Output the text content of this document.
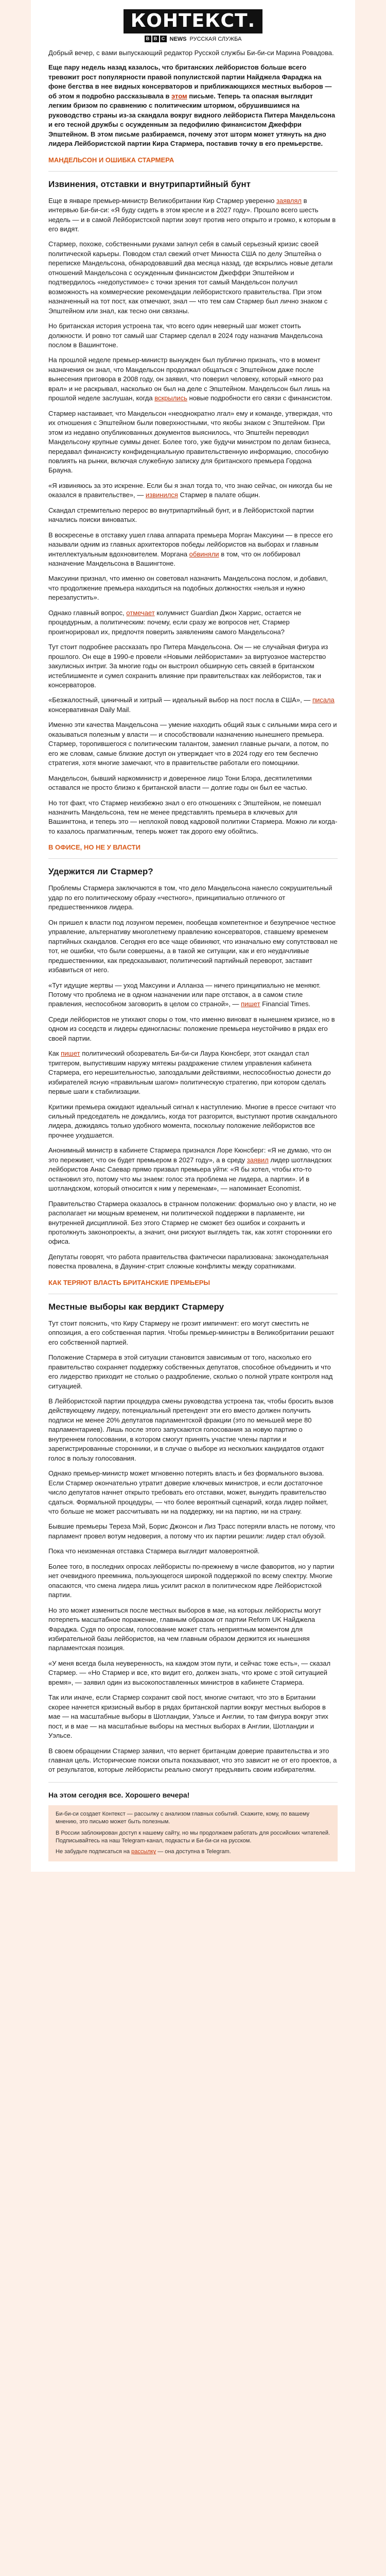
КОНТЕКСТ.
B B C NEWS РУССКАЯ СЛУЖБА

Добрый вечер, с вами выпускающий редактор Русской службы Би-би-си Марина Ровадова.

Еще пару недель назад казалось, что британских лейбористов больше всего тревожит рост популярности правой популистской партии Найджела Фараджа на фоне бегства в нее видных консерваторов и приближающихся местных выборов — об этом я подробно рассказывала в этом письме. Теперь та опасная выглядит легким бризом по сравнению с политическим штормом, обрушившимся на руководство страны из-за скандала вокруг видного лейбориста Питера Мандельсона и его тесной дружбы с осужденным за педофилию финансистом Джеффри Эпштейном. В этом письме разбираемся, почему этот шторм может утянуть на дно лидера Лейбористской партии Кира Стармера, поставив точку в его премьерстве.

МАНДЕЛЬСОН И ОШИБКА СТАРМЕРА
Извинения, отставки и внутрипартийный бунт

Еще в январе премьер-министр Великобритании Кир Стармер уверенно заявлял в интервью Би-би-си: «Я буду сидеть в этом кресле и в 2027 году». Прошло всего шесть недель — и в самой Лейбористской партии зовут против него открыто и громко, к которым в его видят.

Стармер, похоже, собственными руками запнул себя в самый серьезный кризис своей политической карьеры. Поводом стал свежий отчет Минюста США по делу Эпштейна о переписке Мандельсона, обнародовавший два месяца назад, где вскрылись новые детали отношений Мандельсона с осужденным финансистом Джеффри Эпштейном и подтвердилось «недопустимое» с точки зрения тот самый Мандельсон получил возможность на коммерческие рекомендации лейбористского правительства. При этом назначенный на тот пост, как отмечают, знал — что тем сам Стармер был лично знаком с Эпштейном или знал, как тесно они связаны.

Но британская история устроена так, что всего один неверный шаг может стоить должности. И ровно тот самый шаг Стармер сделал в 2024 году назначив Мандельсона послом в Вашингтоне.

На прошлой неделе премьер-министр вынужден был публично признать, что в момент назначения он знал, что Мандельсон продолжал общаться с Эпштейном даже после вынесения приговора в 2008 году, он заявил, что поверил человеку, который «много раз врал» и не раскрывал, насколько он был на деле с Эпштейном. Мандельсон был лишь на прошлой неделе заслушан, когда вскрылись новые подробности его связи с финансистом.

Стармер настаивает, что Мандельсон «неоднократно лгал» ему и команде, утверждая, что их отношения с Эпштейном были поверхностными, что якобы знаком с Эпштейном. При этом из недавно опубликованных документов выяснилось, что Эпштейн переводил Мандельсону крупные суммы денег. Более того, уже будучи министром по делам бизнеса, передавал финансисту конфиденциальную правительственную информацию, способную повлиять на рынки, включая служебную записку для британского премьера Гордона Брауна.

«Я извиняюсь за это искренне. Если бы я знал тогда то, что знаю сейчас, он никогда бы не оказался в правительстве», — извинился Стармер в палате общин.

Скандал стремительно перерос во внутрипартийный бунт, и в Лейбористской партии начались поиски виноватых.

В воскресенье в отставку ушел глава аппарата премьера Морган Максуини — в прессе его называли одним из главных архитекторов победы лейбористов на выборах и главным интеллектуальным вдохновителем. Моргана обвиняли в том, что он лоббировал назначение Мандельсона в Вашингтоне.

Максуини признал, что именно он советовал назначить Мандельсона послом, и добавил, что продолжение премьера находиться на подобных должностях «нельзя и нужно перезапустить».

Однако главный вопрос, отмечает колумнист Guardian Джон Харрис, остается не процедурным, а политическим: почему, если сразу же вопросов нет, Стармер проигнорировал их, предпочтя поверить заявлениям самого Мандельсона?

Тут стоит подробнее рассказать про Питера Мандельсона. Он — не случайная фигура из прошлого. Он еще в 1990-е провели «Новыми лейбористами» за виртуозное мастерство закулисных интриг. За многие годы он выстроил обширную сеть связей в британском истеблишменте и сумел сохранить влияние при правительствах как лейбористов, так и консерваторов.

«Безжалостный, циничный и хитрый — идеальный выбор на пост посла в США», — писала консервативная Daily Mail.

Именно эти качества Мандельсона — умение находить общий язык с сильными мира сего и оказываться полезным у власти — и способствовали назначению нынешнего премьера. Стармер, торопившегося с политическим талантом, заменил главные рычаги, а потом, по его же словам, самые близкие доступ он утверждает что в 2024 году его тем беспечно стратегия, хотя многие замечают, что в правительстве работали его помощники.

Мандельсон, бывший наркоминистр и доверенное лицо Тони Блэра, десятилетиями оставался не просто близко к британской власти — долгие годы он был ее частью.

Но тот факт, что Стармер неизбежно знал о его отношениях с Эпштейном, не помешал назначить Мандельсона, тем не менее представлять премьера в ключевых для Вашингтона, и теперь это — неплохой повод кадровой политики Стармера. Можно ли когда-то казалось прагматичным, теперь может так дорого ему обойтись.

В ОФИСЕ, НО НЕ У ВЛАСТИ
Удержится ли Стармер?

Проблемы Стармера заключаются в том, что дело Мандельсона нанесло сокрушительный удар по его политическому образу «честного», принципиально отличного от предшественников лидера.

Он пришел к власти под лозунгом перемен, пообещав компетентное и безупречное честное управление, альтернативу многолетнему правлению консерваторов, ставшему временем партийных скандалов. Сегодня его все чаще обвиняют, что изначально ему сопутствовал не тот, не ошибки, что были совершены, а в такой же ситуации, как и его неудачливые предшественники, как предсказывают, политический партийный переворот, заставит избавиться от него.

«Тут идущие жертвы — уход Максуини и Алланза — ничего принципиально не меняют. Потому что проблема не в одном назначении или паре отставок, а в самом стиле правления, неспособном заговорить в целом со страной», — пишет Financial Times.

Среди лейбористов не утихают споры о том, что именно виноват в нынешнем кризисе, но в одном из соседств и лидеры единогласны: положение премьера неустойчиво в рядах его своей партии.

Как пишет политический обозреватель Би-би-си Лаура Кюнсберг, этот скандал стал триггером, выпустившим наружу мятежы раздражение стилем управления кабинета Стармера, его нерешительностью, запоздалыми действиями, неспособностью донести до избирателей ясную «правильным шагом» политическую стратегию, при котором сделать первые шаги к стабилизации.

Критики премьера ожидают идеальный сигнал к наступлению. Многие в прессе считают что сильный председатель не дождались, когда тот разгорится, выступают против скандального лидера, дожидаясь только удобного момента, поскольку положение лейбористов все прочнее ухудшается.

Анонимный министр в кабинете Стармера признался Лоре Кюнсберг: «Я не думаю, что он это переживет, что он будет премьером в 2027 году», а в среду заявил лидер шотландских лейбористов Анас Саевар прямо призвал премьера уйти: «Я бы хотел, чтобы кто-то остановил это, потому что мы знаем: голос эта проблема не лидера, а партии». И в шотландском, который относится к ним у переменам», — напоминает Economist.

Правительство Стармера оказалось в странном положении: формально оно у власти, но не располагает ни мощным временем, ни политической поддержки в парламенте, ни внутренней дисциплиной. Без этого Стармер не сможет без ошибок и сохранить и протолкнуть законопроекты, а значит, они рискуют выглядеть так, как хотят сторонники его офиса.

Депутаты говорят, что работа правительства фактически парализована: законодательная повестка провалена, в Даунинг-стрит сложные конфликты между соратниками.

КАК ТЕРЯЮТ ВЛАСТЬ БРИТАНСКИЕ ПРЕМЬЕРЫ
Местные выборы как вердикт Стармеру

Тут стоит пояснить, что Киру Стармеру не грозит импичмент: его могут сместить не оппозиция, а его собственная партия. Чтобы премьер-министры в Великобритании решают его собственной партией.

Положение Стармера в этой ситуации становится зависимым от того, насколько его правительство сохраняет поддержку собственных депутатов, способное объединить и что его лидерство приходит не столько о раздробление, сколько о полной утрате контроля над ситуацией.

В Лейбористской партии процедура смены руководства устроена так, чтобы бросить вызов действующему лидеру, потенциальный претендент эти его вместо должен получить подписи не менее 20% депутатов парламентской фракции (это по меньшей мере 80 парламентариев). Лишь после этого запускаются голосования за новую партию о внутреннем голосовании, в котором смогут принять участие члены партии и зарегистрированные сторонники, и в случае о выборе из нескольких кандидатов отдают голос в пользу голосования.

Однако премьер-министр может мгновенно потерять власть и без формального вызова. Если Стармер окончательно утратит доверие ключевых министров, и если достаточное число депутатов начнет открыто требовать его отставки, может, вынудить правительство сдаться. Формальной процедуры, — что более вероятный сценарий, когда лидер поймет, что больше не может рассчитывать ни на поддержку, ни на партию, ни на страну.

Бывшие премьеры Тереза Мэй, Борис Джонсон и Лиз Трасс потеряли власть не потому, что парламент провел вотум недоверия, а потому что их партии решили: лидер стал обузой.

Пока что неизменная отставка Стармера выглядит маловероятной.

Более того, в последних опросах лейбористы по-прежнему в числе фаворитов, но у партии нет очевидного преемника, пользующегося широкой поддержкой по всему спектру. Многие опасаются, что смена лидера лишь усилит раскол в политическом ядре Лейбористской партии.

Но это может измениться после местных выборов в мае, на которых лейбористы могут потерпеть масштабное поражение, главным образом от партии Reform UK Найджела Фараджа. Судя по опросам, голосование может стать неприятным моментом для избирательной базы лейбористов, на чем главным образом держится их нынешняя парламентская позиция.

«У меня всегда была неуверенность, на каждом этом пути, и сейчас тоже есть», — сказал Стармер. — «Но Стармер и все, кто видит его, должен знать, что кроме с этой ситуацией время», — заявил один из высокопоставленных министров в кабинете Стармера.

Так или иначе, если Стармер сохранит свой пост, многие считают, что это в Британии скорее начнется кризисный выбор в рядах британской партии вокруг местных выборов в мае — на масштабные выборы в Шотландии, Уэльсе и Англии, то там фигура вокруг этих пост, и в мае — на масштабные выборы на местных выборах в Англии, Шотландии и Уэльсе.

В своем обращении Стармер заявил, что вернет британцам доверие правительства и это главная цель. Исторические поиски опыта показывают, что это зависит не от его проектов, а от результатов, которые лейбористы реально смогут предъявить своим избирателям.

На этом сегодня все. Хорошего вечера!

Би-би-си создает Контекст — рассылку с анализом главных событий. Скажите, кому, по вашему мнению, это письмо может быть полезным.

В России заблокирован доступ к нашему сайту, но мы продолжаем работать для российских читателей. Подписывайтесь на наш Telegram-канал, подкасты и Би-би-си на русском.

Не забудьте подписаться на рассылку — она доступна в Telegram.
